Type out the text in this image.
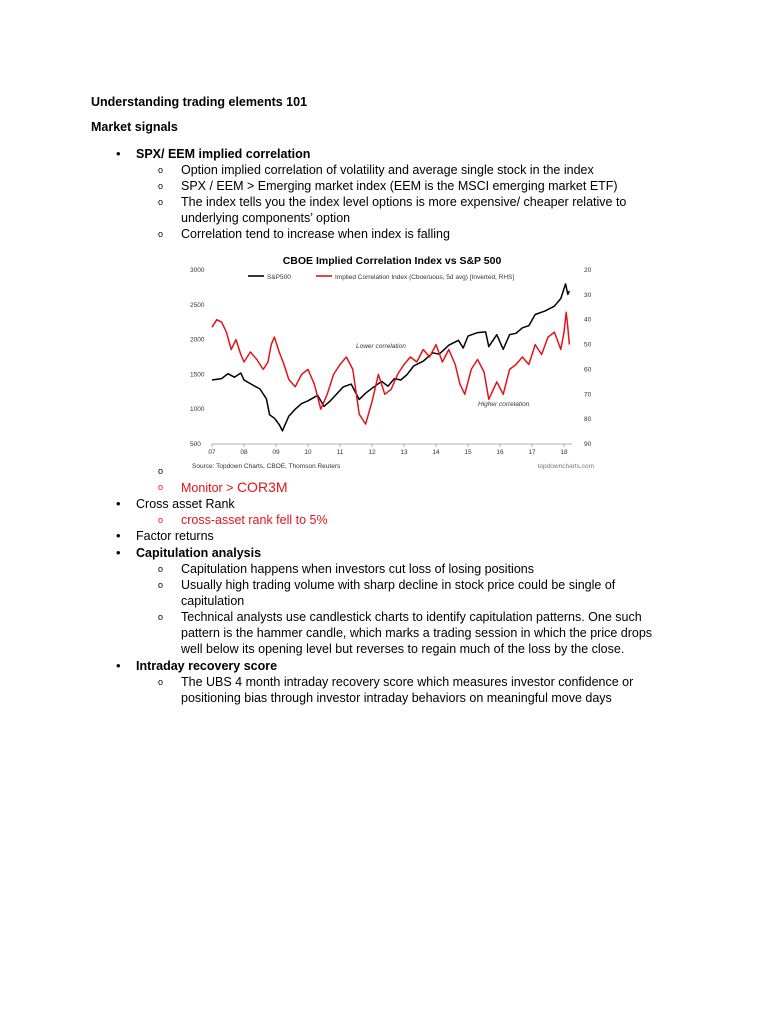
Understanding trading elements 101
Market signals
• SPX/ EEM implied correlation
o Option implied correlation of volatility and average single stock in the index
o SPX / EEM > Emerging market index (EEM is the MSCI emerging market ETF)
o The index tells you the index level options is more expensive/ cheaper relative to
underlying components’ option
o Correlation tend to increase when index is falling
CBOE Implied Correlation Index vs S&P 500
S&P500	Implied Correlation Index (Cboe/uous, 5d avg) [Inverted, RHS]
3000
2500
2000
1500
1000
500
20
30
40
50
60
70
80
90
07	08	09	10	11	12	13	14	15	16	17	18
Lower correlation
Higher correlation
Source: Topdown Charts, CBOE, Thomson Reuters	topdowncharts.com
o
o Monitor > COR3M
• Cross asset Rank
o cross-asset rank fell to 5%
• Factor returns
• Capitulation analysis
o Capitulation happens when investors cut loss of losing positions
o Usually high trading volume with sharp decline in stock price could be single of
capitulation
o Technical analysts use candlestick charts to identify capitulation patterns. One such
pattern is the hammer candle, which marks a trading session in which the price drops
well below its opening level but reverses to regain much of the loss by the close.
• Intraday recovery score
o The UBS 4 month intraday recovery score which measures investor confidence or
positioning bias through investor intraday behaviors on meaningful move days
